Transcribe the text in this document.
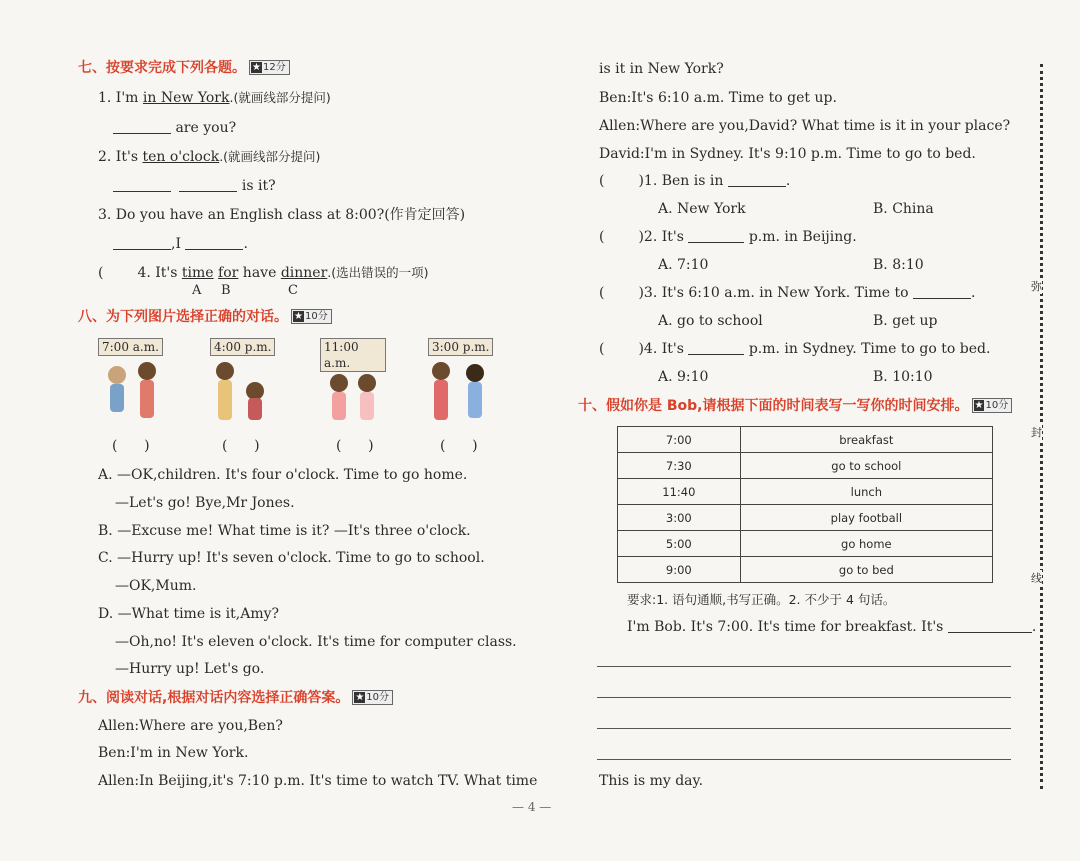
七、按要求完成下列各题。 ★ 12分
1. I'm in New York.(就画线部分提问)
are you?
2. It's ten o'clock.(就画线部分提问)
is it?
3. Do you have an English class at 8:00?(作肯定回答)
,I	.
( 4. It's time for have dinner.(选出错误的一项)
A B	C
八、为下列图片选择正确的对话。 ★ 10分
7:00 a.m.	4:00 p.m.	11:00 a.m.
3:00 p.m.
(      )	(      )	(      )	(      )
A. —OK,children. It's four o'clock. Time to go home.
—Let's go! Bye,Mr Jones.
B. —Excuse me! What time is it? —It's three o'clock.
C. —Hurry up! It's seven o'clock. Time to go to school.
—OK,Mum.
D. —What time is it,Amy?
—Oh,no! It's eleven o'clock. It's time for computer class.
—Hurry up! Let's go.
九、阅读对话,根据对话内容选择正确答案。 ★ 10分
Allen:Where are you,Ben?
Ben:I'm in New York.
Allen:In Beijing,it's 7:10 p.m. It's time to watch TV. What time
is it in New York?
Ben:It's 6:10 a.m. Time to get up.
Allen:Where are you,David? What time is it in your place?
David:I'm in Sydney. It's 9:10 p.m. Time to go to bed.
( )1. Ben is in	.
A. New York	B. China
( )2. It's	p.m. in Beijing.
A. 7:10	B. 8:10
( )3. It's 6:10 a.m. in New York. Time to	.
A. go to school	B. get up
( )4. It's	p.m. in Sydney. Time to go to bed.
A. 9:10	B. 10:10
十、假如你是 Bob,请根据下面的时间表写一写你的时间安排。 ★ 10分
7:00	breakfast
7:30	go to school
11:40	lunch
3:00	play football
5:00	go home
9:00	go to bed
要求:1. 语句通顺,书写正确。2. 不少于 4 句话。
I'm Bob. It's 7:00. It's time for breakfast. It's	.
This is my day.
弥
封
线
— 4 —
